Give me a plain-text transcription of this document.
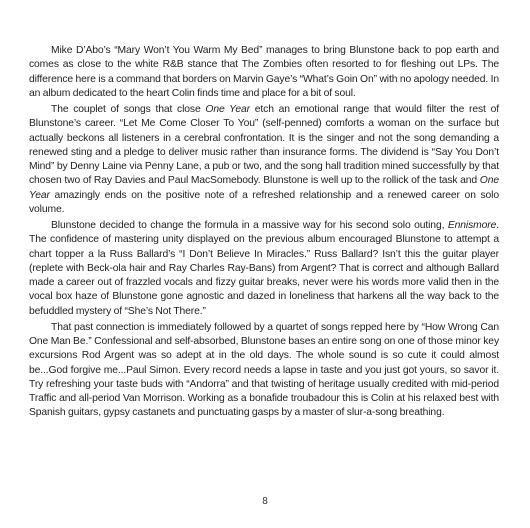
Mike D’Abo’s “Mary Won’t You Warm My Bed” manages to bring Blunstone back to pop earth and comes as close to the white R&B stance that The Zombies often resorted to for fleshing out LPs. The difference here is a command that borders on Marvin Gaye’s “What’s Goin On” with no apology needed. In an album dedicated to the heart Colin finds time and place for a bit of soul.

The couplet of songs that close One Year etch an emotional range that would filter the rest of Blunstone’s career. “Let Me Come Closer To You” (self-penned) comforts a woman on the surface but actually beckons all listeners in a cerebral confrontation. It is the singer and not the song demanding a renewed sting and a pledge to deliver music rather than insurance forms. The dividend is “Say You Don’t Mind” by Denny Laine via Penny Lane, a pub or two, and the song hall tradition mined successfully by that chosen two of Ray Davies and Paul MacSomebody. Blunstone is well up to the rollick of the task and One Year amazingly ends on the positive note of a refreshed relationship and a renewed career on solo volume.

Blunstone decided to change the formula in a massive way for his second solo outing, Ennismore. The confidence of mastering unity displayed on the previous album encouraged Blunstone to attempt a chart topper a la Russ Ballard’s “I Don’t Believe In Miracles.” Russ Ballard? Isn’t this the guitar player (replete with Beck-ola hair and Ray Charles Ray-Bans) from Argent? That is correct and although Ballard made a career out of frazzled vocals and fizzy guitar breaks, never were his words more valid then in the vocal box haze of Blunstone gone agnostic and dazed in loneliness that harkens all the way back to the befuddled mystery of “She’s Not There.”

That past connection is immediately followed by a quartet of songs repped here by “How Wrong Can One Man Be.” Confessional and self-absorbed, Blunstone bases an entire song on one of those minor key excursions Rod Argent was so adept at in the old days. The whole sound is so cute it could almost be...God forgive me...Paul Simon. Every record needs a lapse in taste and you just got yours, so savor it. Try refreshing your taste buds with “Andorra” and that twisting of heritage usually credited with mid-period Traffic and all-period Van Morrison. Working as a bonafide troubadour this is Colin at his relaxed best with Spanish guitars, gypsy castanets and punctuating gasps by a master of slur-a-song breathing.

8
